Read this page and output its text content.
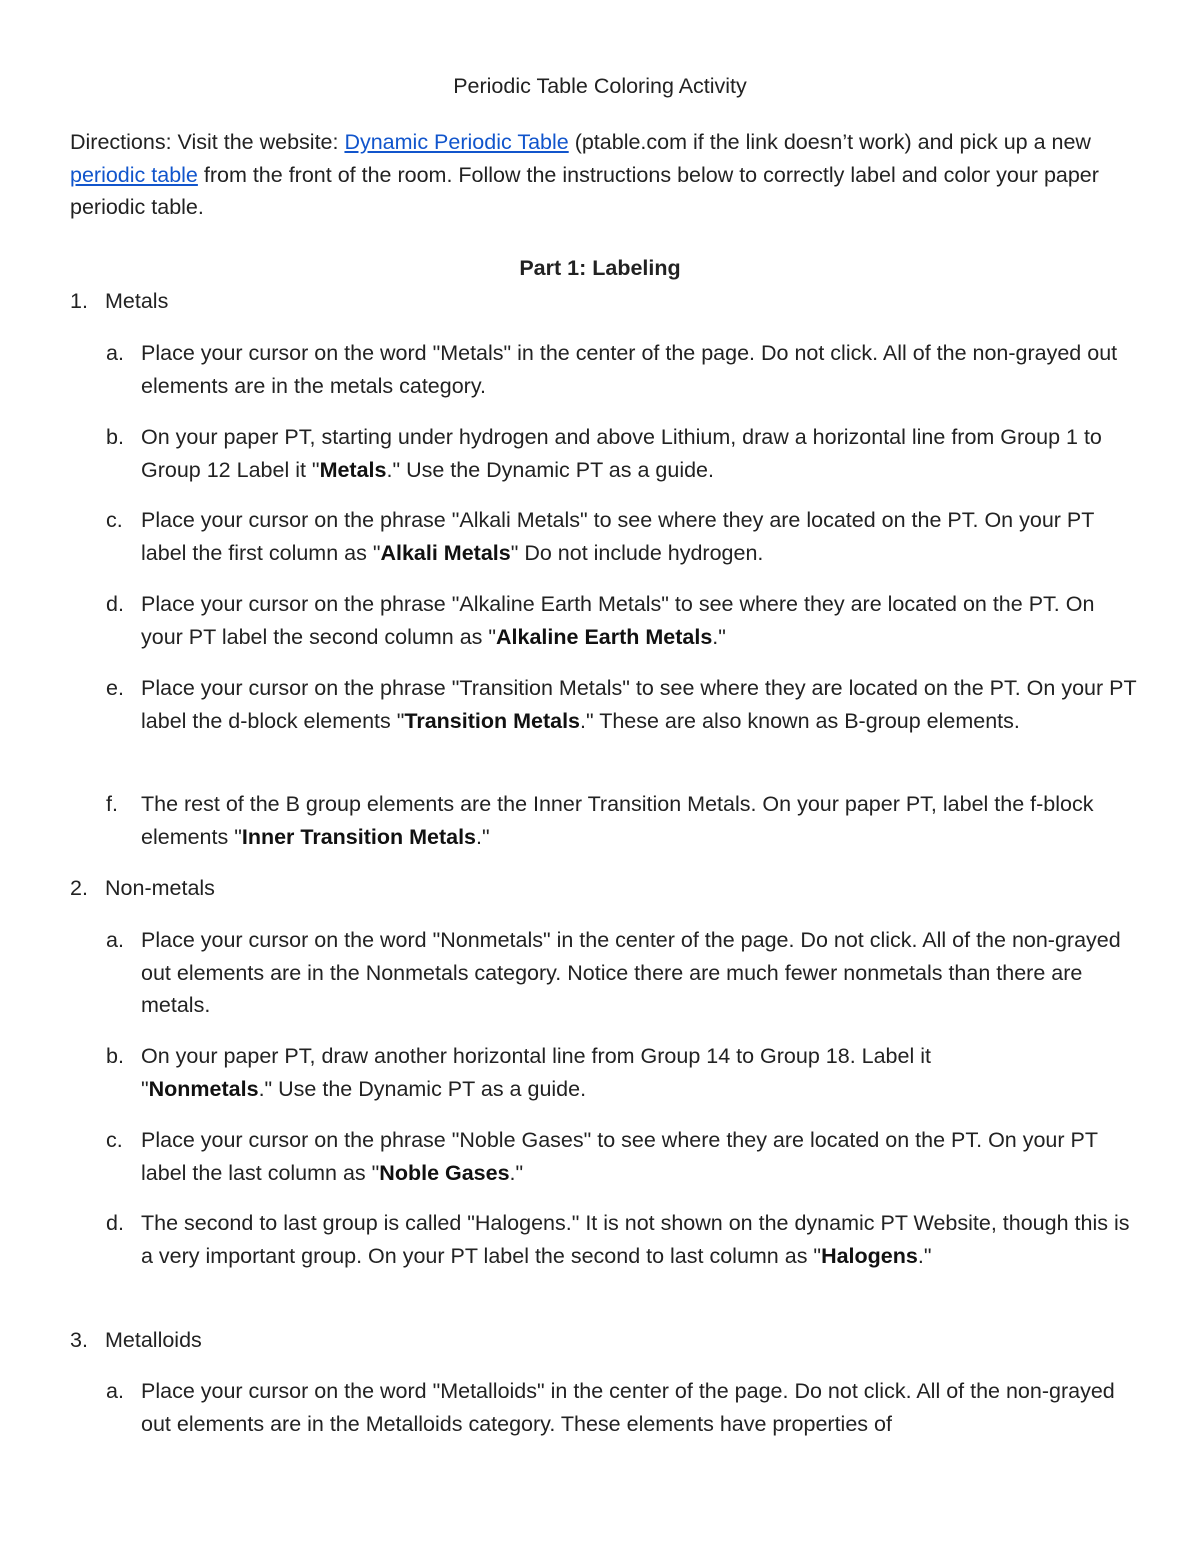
Periodic Table Coloring Activity
Directions: Visit the website: Dynamic Periodic Table (ptable.com if the link doesn’t work) and pick up a new periodic table from the front of the room. Follow the instructions below to correctly label and color your paper periodic table.
Part 1: Labeling
1. Metals
a. Place your cursor on the word "Metals" in the center of the page. Do not click. All of the non-grayed out elements are in the metals category.
b. On your paper PT, starting under hydrogen and above Lithium, draw a horizontal line from Group 1 to Group 12 Label it "Metals." Use the Dynamic PT as a guide.
c. Place your cursor on the phrase "Alkali Metals" to see where they are located on the PT. On your PT label the first column as "Alkali Metals" Do not include hydrogen.
d. Place your cursor on the phrase "Alkaline Earth Metals" to see where they are located on the PT. On your PT label the second column as "Alkaline Earth Metals."
e. Place your cursor on the phrase "Transition Metals" to see where they are located on the PT. On your PT label the d-block elements "Transition Metals." These are also known as B-group elements.
f. The rest of the B group elements are the Inner Transition Metals. On your paper PT, label the f-block elements "Inner Transition Metals."
2. Non-metals
a. Place your cursor on the word "Nonmetals" in the center of the page. Do not click. All of the non-grayed out elements are in the Nonmetals category. Notice there are much fewer nonmetals than there are metals.
b. On your paper PT, draw another horizontal line from Group 14 to Group 18. Label it "Nonmetals." Use the Dynamic PT as a guide.
c. Place your cursor on the phrase "Noble Gases" to see where they are located on the PT. On your PT label the last column as "Noble Gases."
d. The second to last group is called "Halogens." It is not shown on the dynamic PT Website, though this is a very important group. On your PT label the second to last column as "Halogens."
3. Metalloids
a. Place your cursor on the word "Metalloids" in the center of the page. Do not click. All of the non-grayed out elements are in the Metalloids category. These elements have properties of
